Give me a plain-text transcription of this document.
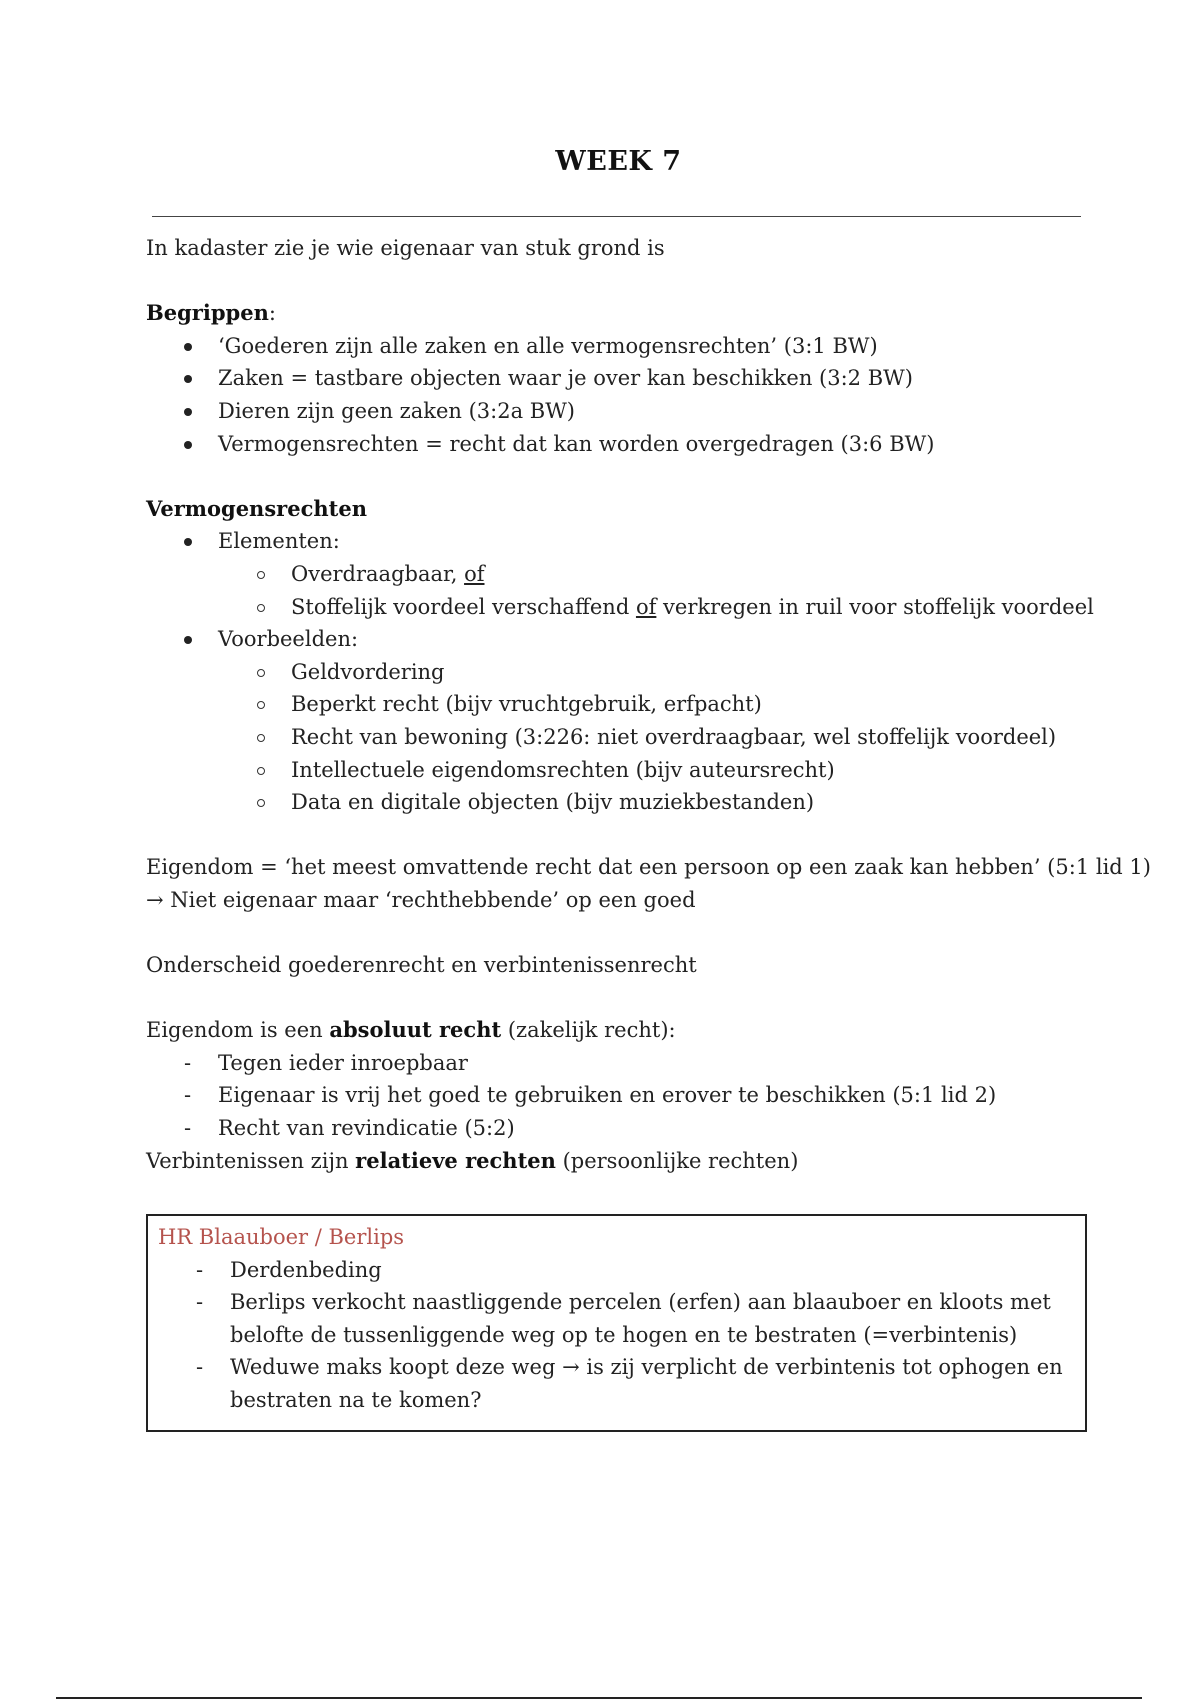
WEEK 7

In kadaster zie je wie eigenaar van stuk grond is

Begrippen:

‘Goederen zijn alle zaken en alle vermogensrechten’ (3:1 BW)
Zaken = tastbare objecten waar je over kan beschikken (3:2 BW)
Dieren zijn geen zaken (3:2a BW)
Vermogensrechten = recht dat kan worden overgedragen (3:6 BW)

Vermogensrechten

Elementen:
Overdraagbaar, of
Stoffelijk voordeel verschaffend of verkregen in ruil voor stoffelijk voordeel
Voorbeelden:
Geldvordering
Beperkt recht (bijv vruchtgebruik, erfpacht)
Recht van bewoning (3:226: niet overdraagbaar, wel stoffelijk voordeel)
Intellectuele eigendomsrechten (bijv auteursrecht)
Data en digitale objecten (bijv muziekbestanden)

Eigendom = ‘het meest omvattende recht dat een persoon op een zaak kan hebben’ (5:1 lid 1)

→ Niet eigenaar maar ‘rechthebbende’ op een goed

Onderscheid goederenrecht en verbintenissenrecht

Eigendom is een absoluut recht (zakelijk recht):

- Tegen ieder inroepbaar
- Eigenaar is vrij het goed te gebruiken en erover te beschikken (5:1 lid 2)
- Recht van revindicatie (5:2)

Verbintenissen zijn relatieve rechten (persoonlijke rechten)

HR Blaauboer / Berlips

- Derdenbeding
- Berlips verkocht naastliggende percelen (erfen) aan blaauboer en kloots met belofte de tussenliggende weg op te hogen en te bestraten (=verbintenis)
- Weduwe maks koopt deze weg → is zij verplicht de verbintenis tot ophogen en bestraten na te komen?
